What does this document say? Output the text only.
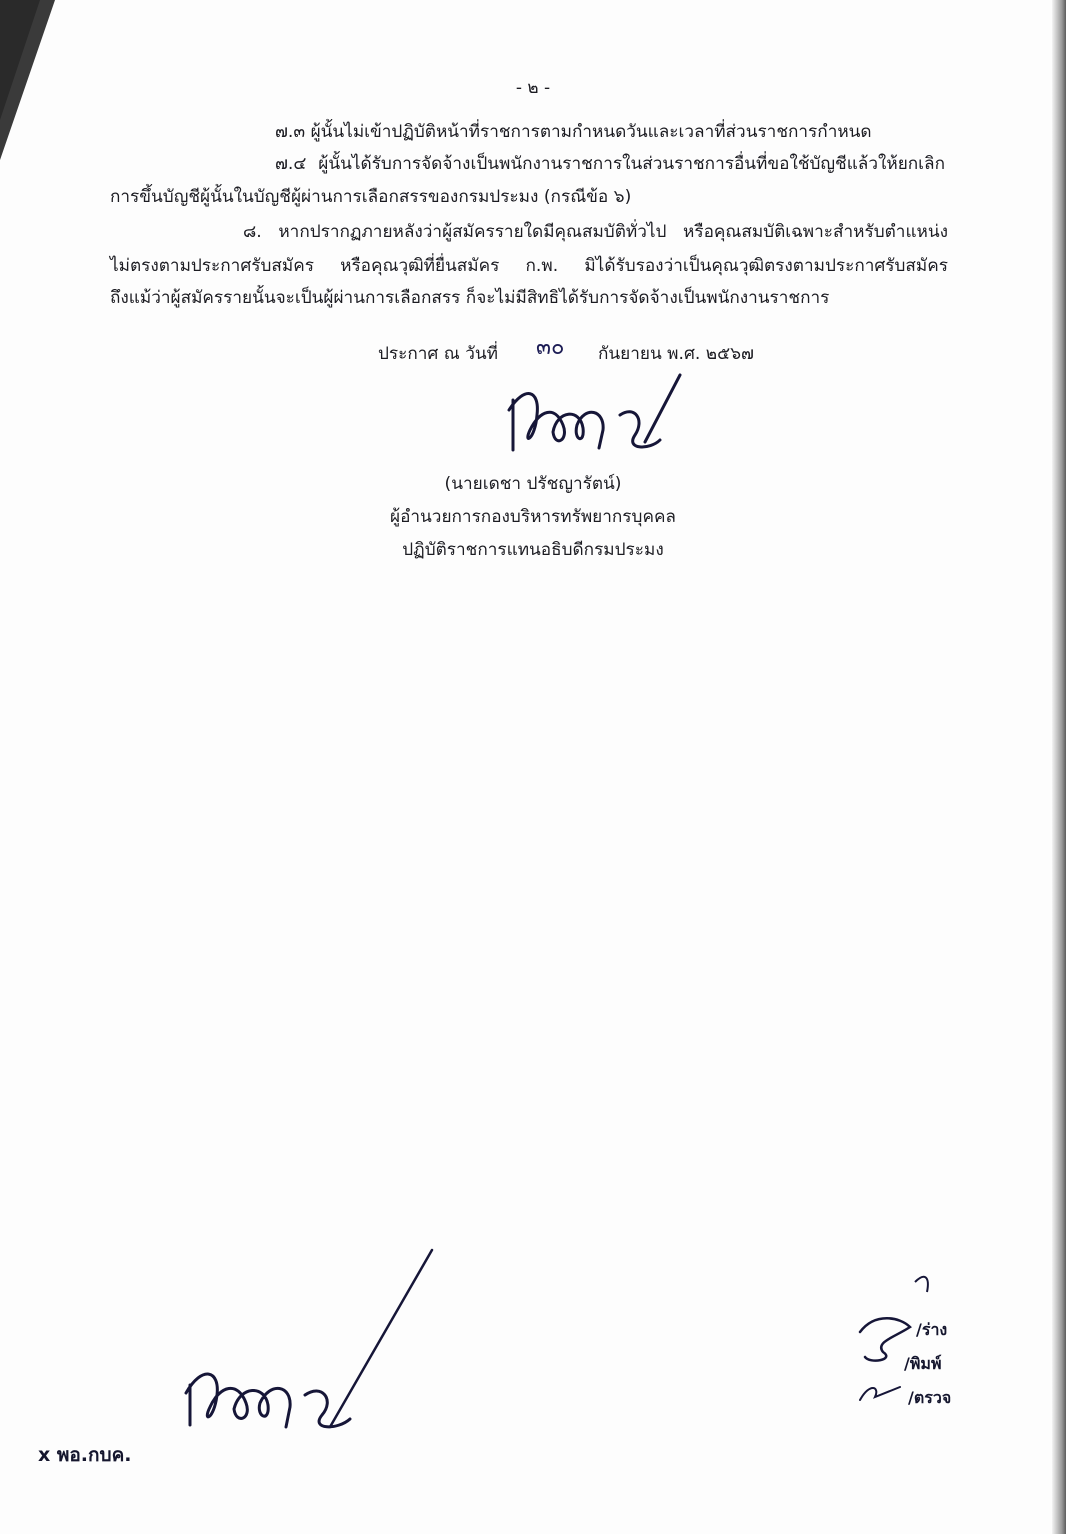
- ๒ -
๗.๓ ผู้นั้นไม่เข้าปฏิบัติหน้าที่ราชการตามกำหนดวันและเวลาที่ส่วนราชการกำหนด
๗.๔ ผู้นั้นได้รับการจัดจ้างเป็นพนักงานราชการในส่วนราชการอื่นที่ขอใช้บัญชีแล้วให้ยกเลิก
การขึ้นบัญชีผู้นั้นในบัญชีผู้ผ่านการเลือกสรรของกรมประมง (กรณีข้อ ๖)
๘. หากปรากฏภายหลังว่าผู้สมัครรายใดมีคุณสมบัติทั่วไป หรือคุณสมบัติเฉพาะสำหรับตำแหน่ง
ไม่ตรงตามประกาศรับสมัคร หรือคุณวุฒิที่ยื่นสมัคร ก.พ. มิได้รับรองว่าเป็นคุณวุฒิตรงตามประกาศรับสมัคร
ถึงแม้ว่าผู้สมัครรายนั้นจะเป็นผู้ผ่านการเลือกสรร ก็จะไม่มีสิทธิได้รับการจัดจ้างเป็นพนักงานราชการ
ประกาศ ณ วันที่ ๓๐ กันยายน พ.ศ. ๒๕๖๗
(นายเดชา ปรัชญารัตน์)
ผู้อำนวยการกองบริหารทรัพยากรบุคคล
ปฏิบัติราชการแทนอธิบดีกรมประมง
x พอ.กบค.
/ร่าง
/พิมพ์
/ตรวจ
